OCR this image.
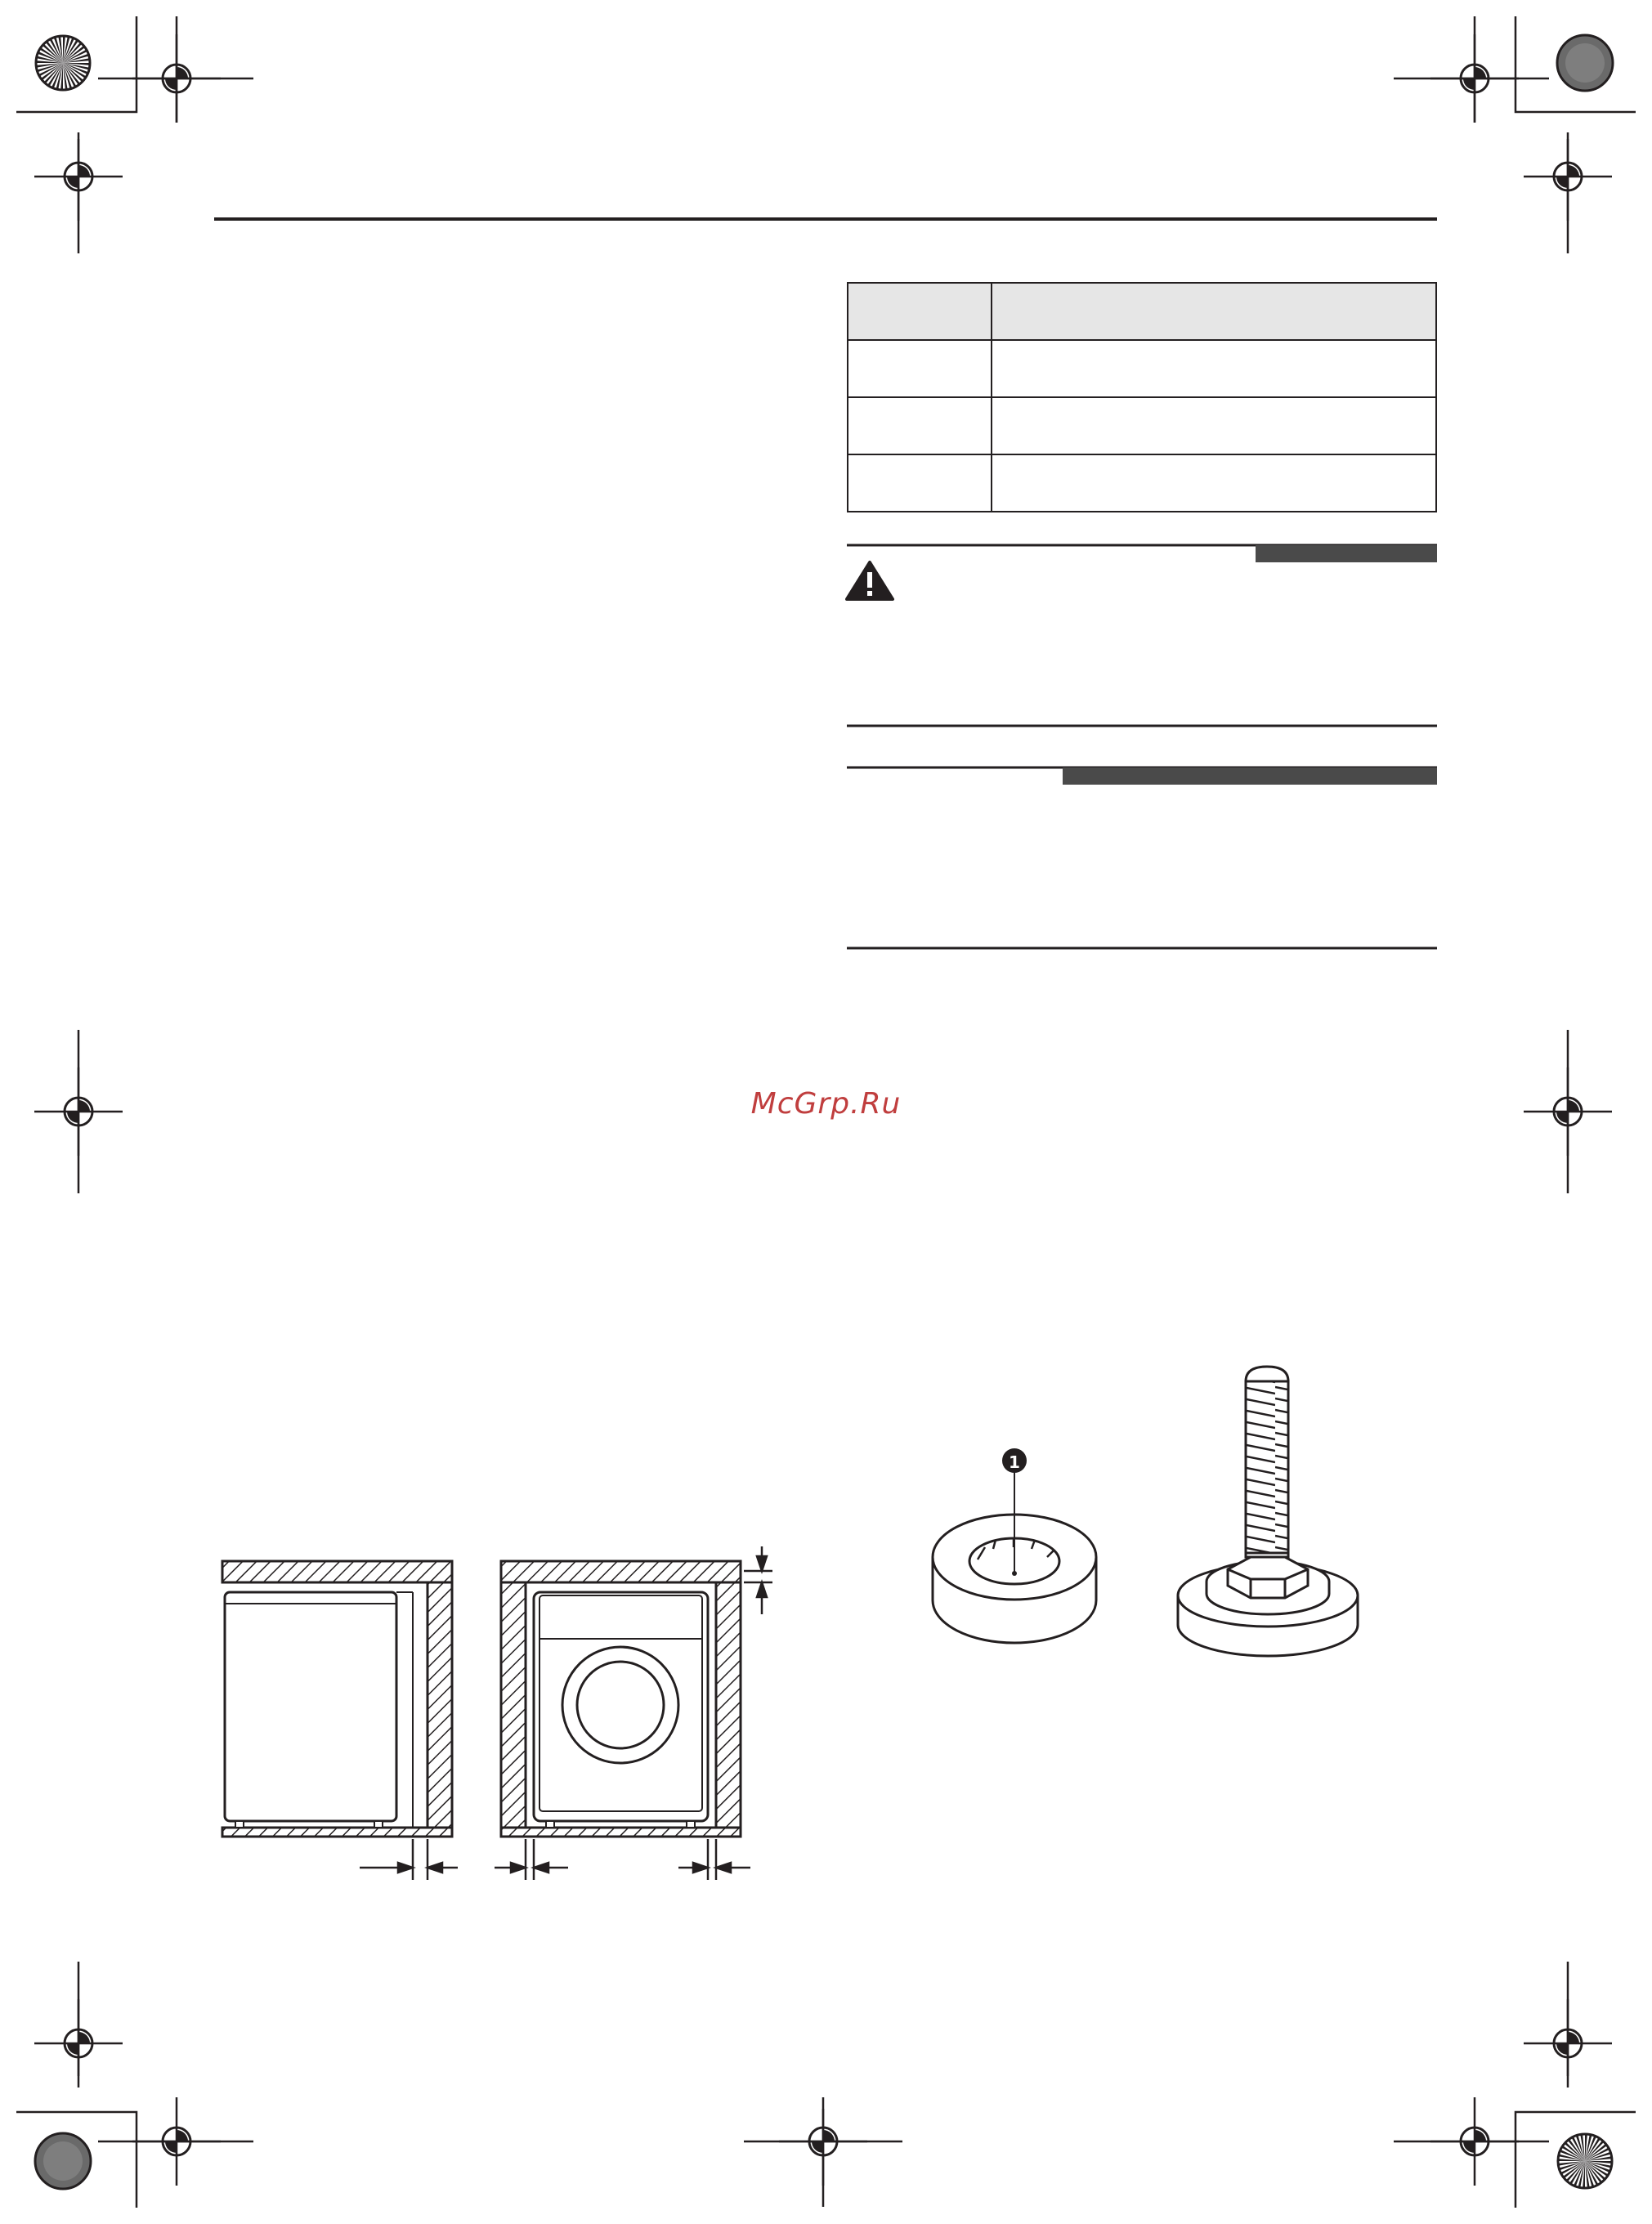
McGrp.Ru
1
